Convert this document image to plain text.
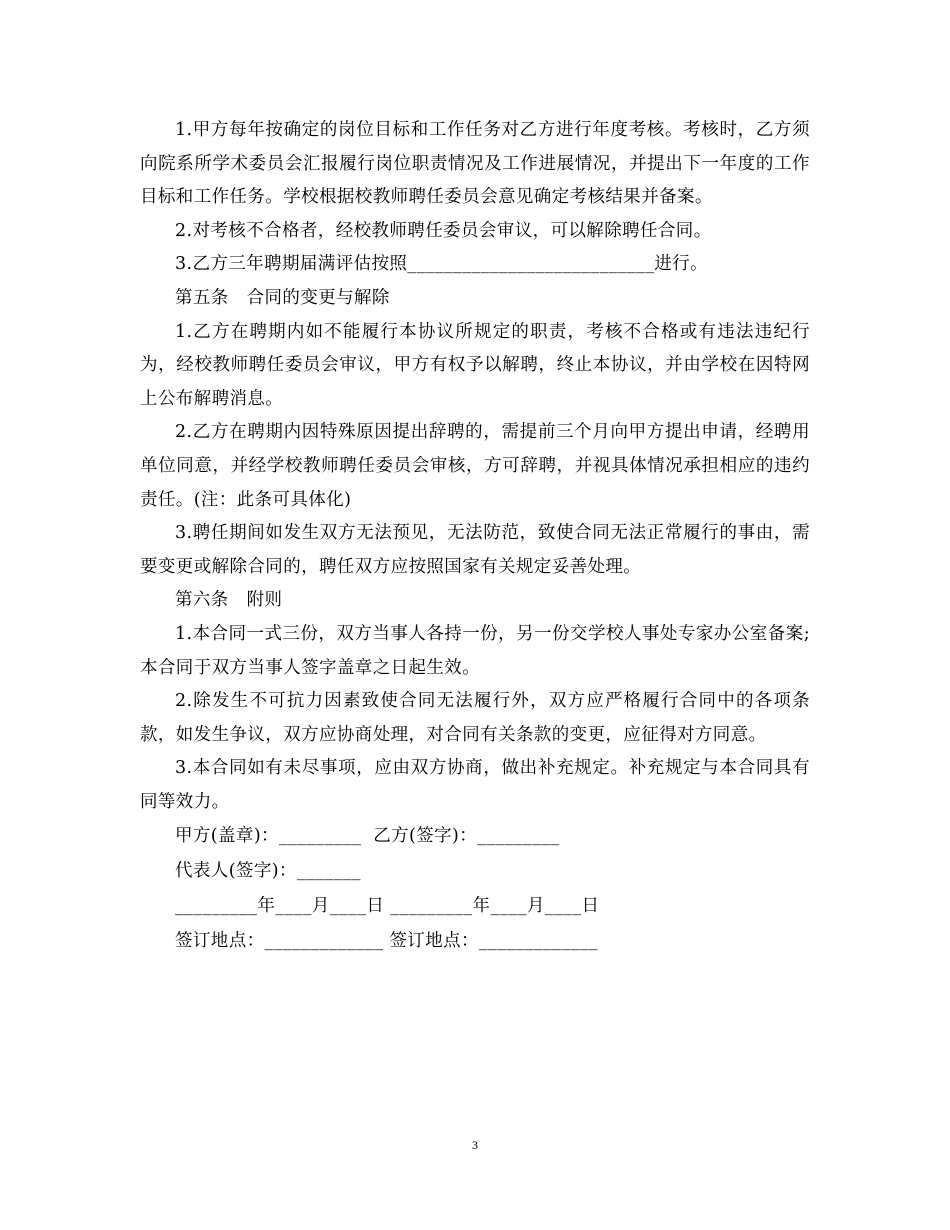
1.甲方每年按确定的岗位目标和工作任务对乙方进行年度考核。考核时，乙方须向院系所学术委员会汇报履行岗位职责情况及工作进展情况，并提出下一年度的工作目标和工作任务。学校根据校教师聘任委员会意见确定考核结果并备案。

2.对考核不合格者，经校教师聘任委员会审议，可以解除聘任合同。

3.乙方三年聘期届满评估按照___________________________进行。

第五条　合同的变更与解除

1.乙方在聘期内如不能履行本协议所规定的职责，考核不合格或有违法违纪行为，经校教师聘任委员会审议，甲方有权予以解聘，终止本协议，并由学校在因特网上公布解聘消息。

2.乙方在聘期内因特殊原因提出辞聘的，需提前三个月向甲方提出申请，经聘用单位同意，并经学校教师聘任委员会审核，方可辞聘，并视具体情况承担相应的违约责任。(注：此条可具体化)

3.聘任期间如发生双方无法预见，无法防范，致使合同无法正常履行的事由，需要变更或解除合同的，聘任双方应按照国家有关规定妥善处理。

第六条　附则

1.本合同一式三份，双方当事人各持一份，另一份交学校人事处专家办公室备案;本合同于双方当事人签字盖章之日起生效。

2.除发生不可抗力因素致使合同无法履行外，双方应严格履行合同中的各项条款，如发生争议，双方应协商处理，对合同有关条款的变更，应征得对方同意。

3.本合同如有未尽事项，应由双方协商，做出补充规定。补充规定与本合同具有同等效力。

甲方(盖章)：_________  乙方(签字)：_________

代表人(签字)：_______

_________年____月____日 _________年____月____日

签订地点：_____________ 签订地点：_____________

3
